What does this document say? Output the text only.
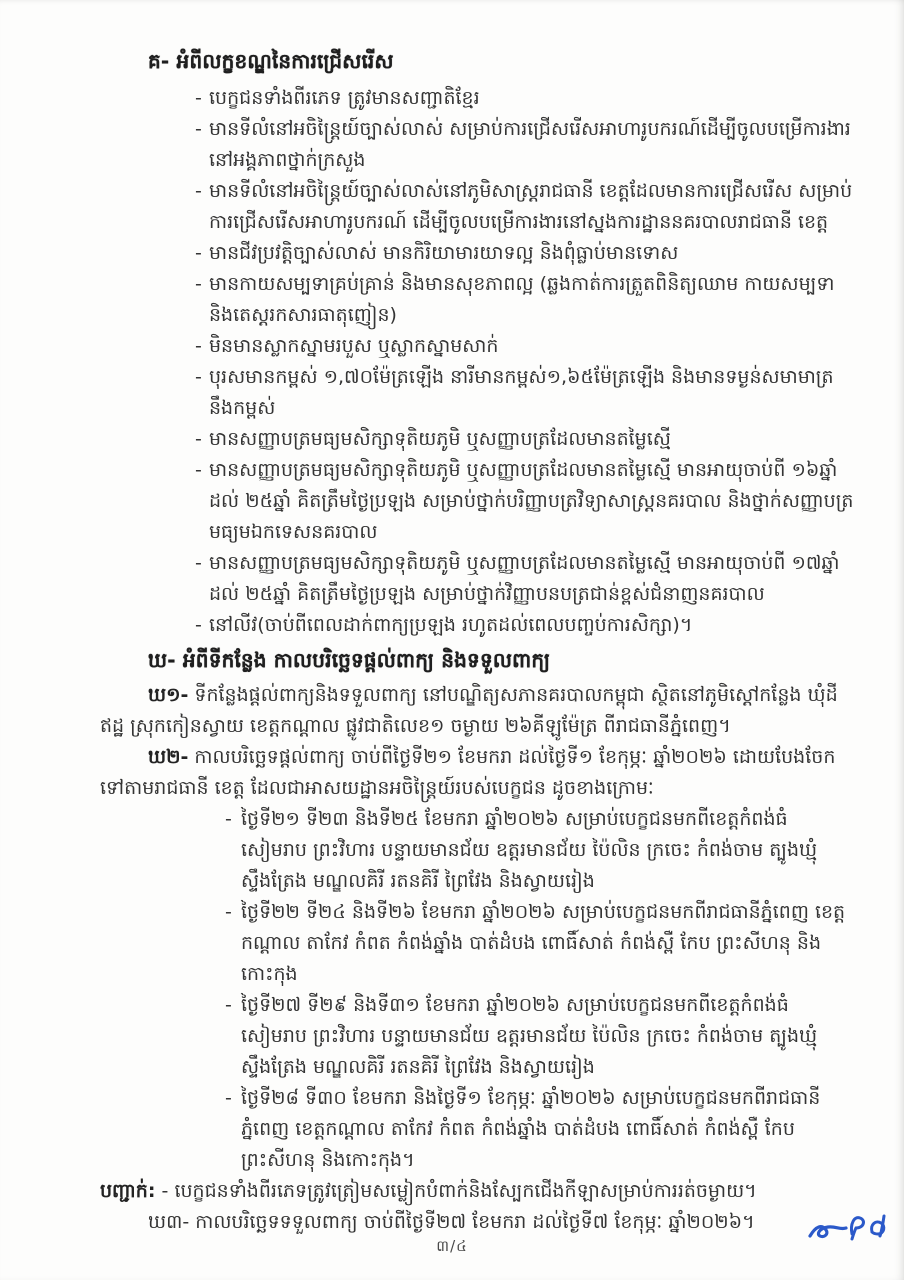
គ- អំពីលក្ខខណ្ឌនៃការជ្រើសរើស
- បេក្ខជនទាំងពីរភេទ ត្រូវមានសញ្ជាតិខ្មែរ
- មានទីលំនៅអចិន្ត្រៃយ៍ច្បាស់លាស់ សម្រាប់ការជ្រើសរើសអាហារូបករណ៍ដើម្បីចូលបម្រើការងារនៅអង្គភាពថ្នាក់ក្រសួង
- មានទីលំនៅអចិន្ត្រៃយ៍ច្បាស់លាស់នៅភូមិសាស្ត្ររាជធានី ខេត្តដែលមានការជ្រើសរើស សម្រាប់ការជ្រើសរើសអាហារូបករណ៍ ដើម្បីចូលបម្រើការងារនៅស្នងការដ្ឋាននគរបាលរាជធានី ខេត្ត
- មានជីវប្រវត្តិច្បាស់លាស់ មានកិរិយាមារយាទល្អ និងពុំធ្លាប់មានទោស
- មានកាយសម្បទាគ្រប់គ្រាន់ និងមានសុខភាពល្អ (ឆ្លងកាត់ការត្រួតពិនិត្យឈាម កាយសម្បទា និងតេស្តរកសារធាតុញៀន)
- មិនមានស្លាកស្នាមរបួស ឬស្លាកស្នាមសាក់
- បុរសមានកម្ពស់ ១,៧០ម៉ែត្រឡើង នារីមានកម្ពស់១,៦៥ម៉ែត្រឡើង និងមានទម្ងន់សមាមាត្រនឹងកម្ពស់
- មានសញ្ញាបត្រមធ្យមសិក្សាទុតិយភូមិ ឬសញ្ញាបត្រដែលមានតម្លៃស្មើ
- មានសញ្ញាបត្រមធ្យមសិក្សាទុតិយភូមិ ឬសញ្ញាបត្រដែលមានតម្លៃស្មើ មានអាយុចាប់ពី ១៦ឆ្នាំ ដល់ ២៥ឆ្នាំ គិតត្រឹមថ្ងៃប្រឡង សម្រាប់ថ្នាក់បរិញ្ញាបត្រវិទ្យាសាស្ត្រនគរបាល និងថ្នាក់សញ្ញាបត្រមធ្យមឯកទេសនគរបាល
- មានសញ្ញាបត្រមធ្យមសិក្សាទុតិយភូមិ ឬសញ្ញាបត្រដែលមានតម្លៃស្មើ មានអាយុចាប់ពី ១៧ឆ្នាំ ដល់ ២៥ឆ្នាំ គិតត្រឹមថ្ងៃប្រឡង សម្រាប់ថ្នាក់វិញ្ញាបនបត្រជាន់ខ្ពស់ជំនាញនគរបាល
- នៅលីវ(ចាប់ពីពេលដាក់ពាក្យប្រឡង រហូតដល់ពេលបញ្ចប់ការសិក្សា)។
ឃ- អំពីទីកន្លែង កាលបរិច្ឆេទផ្តល់ពាក្យ និងទទួលពាក្យ

ឃ១- ទីកន្លែងផ្តល់ពាក្យនិងទទួលពាក្យ នៅបណ្ឌិត្យសភានគរបាលកម្ពុជា ស្ថិតនៅភូមិស្ដៅកន្លែង ឃុំដីឥដ្ឋ ស្រុកកៀនស្វាយ ខេត្តកណ្តាល ផ្លូវជាតិលេខ១ ចម្ងាយ ២៦គីឡូម៉ែត្រ ពីរាជធានីភ្នំពេញ។

ឃ២- កាលបរិច្ឆេទផ្តល់ពាក្យ ចាប់ពីថ្ងៃទី២១ ខែមករា ដល់ថ្ងៃទី១ ខែកុម្ភៈ ឆ្នាំ២០២៦ ដោយបែងចែកទៅតាមរាជធានី ខេត្ត ដែលជាអាសយដ្ឋានអចិន្ត្រៃយ៍របស់បេក្ខជន ដូចខាងក្រោមៈ

- ថ្ងៃទី២១ ទី២៣ និងទី២៥ ខែមករា ឆ្នាំ២០២៦ សម្រាប់បេក្ខជនមកពីខេត្តកំពង់ធំ សៀមរាប ព្រះវិហារ បន្ទាយមានជ័យ ឧត្តរមានជ័យ ប៉ៃលិន ក្រចេះ កំពង់ចាម ត្បូងឃ្មុំ ស្ទឹងត្រែង មណ្ឌលគិរី រតនគិរី ព្រៃវែង និងស្វាយរៀង
- ថ្ងៃទី២២ ទី២៤ និងទី២៦ ខែមករា ឆ្នាំ២០២៦ សម្រាប់បេក្ខជនមកពីរាជធានីភ្នំពេញ ខេត្តកណ្តាល តាកែវ កំពត កំពង់ឆ្នាំង បាត់ដំបង ពោធិ៍សាត់ កំពង់ស្ពឺ កែប ព្រះសីហនុ និងកោះកុង
- ថ្ងៃទី២៧ ទី២៩ និងទី៣១ ខែមករា ឆ្នាំ២០២៦ សម្រាប់បេក្ខជនមកពីខេត្តកំពង់ធំ សៀមរាប ព្រះវិហារ បន្ទាយមានជ័យ ឧត្តរមានជ័យ ប៉ៃលិន ក្រចេះ កំពង់ចាម ត្បូងឃ្មុំ ស្ទឹងត្រែង មណ្ឌលគិរី រតនគិរី ព្រៃវែង និងស្វាយរៀង
- ថ្ងៃទី២៨ ទី៣០ ខែមករា និងថ្ងៃទី១ ខែកុម្ភៈ ឆ្នាំ២០២៦ សម្រាប់បេក្ខជនមកពីរាជធានីភ្នំពេញ ខេត្តកណ្តាល តាកែវ កំពត កំពង់ឆ្នាំង បាត់ដំបង ពោធិ៍សាត់ កំពង់ស្ពឺ កែប ព្រះសីហនុ និងកោះកុង។

បញ្ជាក់: - បេក្ខជនទាំងពីរភេទត្រូវត្រៀមសម្លៀកបំពាក់និងស្បែកជើងកីឡាសម្រាប់ការរត់ចម្ងាយ។

ឃ៣- កាលបរិច្ឆេទទទួលពាក្យ ចាប់ពីថ្ងៃទី២៧ ខែមករា ដល់ថ្ងៃទី៧ ខែកុម្ភៈ ឆ្នាំ២០២៦។

៣/៤
